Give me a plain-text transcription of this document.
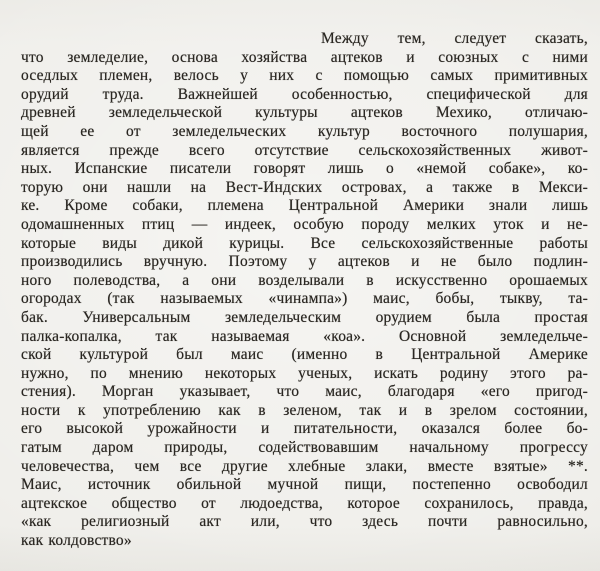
Между тем, следует сказать,
что земледелие, основа хозяйства ацтеков и союзных с ними
оседлых племен, велось у них с помощью самых примитивных
орудий труда. Важнейшей особенностью, специфической для
древней земледельческой культуры ацтеков Мехико, отличаю-
щей ее от земледельческих культур восточного полушария,
является прежде всего отсутствие сельскохозяйственных живот-
ных. Испанские писатели говорят лишь о «немой собаке», ко-
торую они нашли на Вест-Индских островах, а также в Мекси-
ке. Кроме собаки, племена Центральной Америки знали лишь
одомашненных птиц — индеек, особую породу мелких уток и не-
которые виды дикой курицы. Все сельскохозяйственные работы
производились вручную. Поэтому у ацтеков и не было подлин-
ного полеводства, а они возделывали в искусственно орошаемых
огородах (так называемых «чинампа») маис, бобы, тыкву, та-
бак. Универсальным земледельческим орудием была простая
палка-копалка, так называемая «коа». Основной земледельче-
ской культурой был маис (именно в Центральной Америке
нужно, по мнению некоторых ученых, искать родину этого ра-
стения). Морган указывает, что маис, благодаря «его пригод-
ности к употреблению как в зеленом, так и в зрелом состоянии,
его высокой урожайности и питательности, оказался более бо-
гатым даром природы, содействовавшим начальному прогрессу
человечества, чем все другие хлебные злаки, вместе взятые» **.
Маис, источник обильной мучной пищи, постепенно освободил
ацтекское общество от людоедства, которое сохранилось, правда,
«как религиозный акт или, что здесь почти равносильно,
как колдовство»
